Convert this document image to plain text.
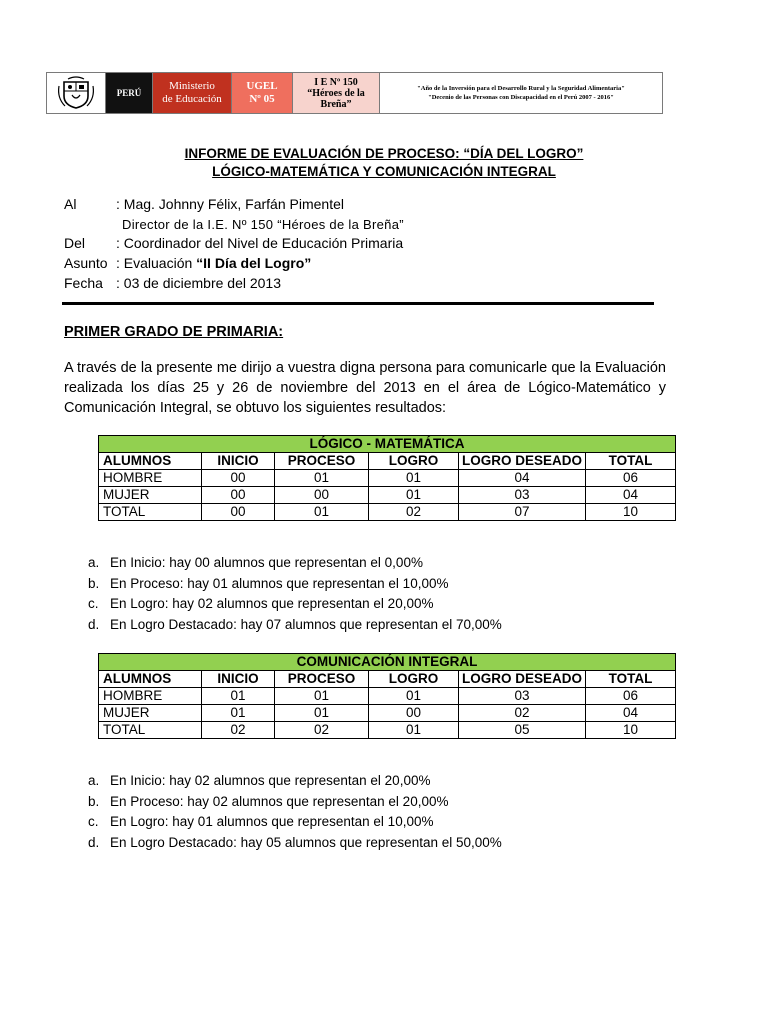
PERÚ
Ministerio
de Educación
UGEL
Nº 05
I E Nº 150
“Héroes de la
Breña”
"Año de la Inversión para el Desarrollo Rural y la Seguridad Alimentaria"
"Decenio de las Personas con Discapacidad en el Perú 2007 - 2016"
INFORME DE EVALUACIÓN DE PROCESO: “DÍA DEL LOGRO”
LÓGICO-MATEMÁTICA Y COMUNICACIÓN INTEGRAL
Al	: Mag. Johnny Félix, Farfán Pimentel
Director de la I.E. Nº 150 “Héroes de la Breña”
Del : Coordinador del Nivel de Educación Primaria
Asunto : Evaluación “II Día del Logro”
Fecha : 03 de diciembre del 2013
PRIMER GRADO DE PRIMARIA:
A través de la presente me dirijo a vuestra digna persona para comunicarle que la Evaluación realizada los días 25 y 26 de noviembre del 2013 en el área de Lógico-Matemático y Comunicación Integral, se obtuvo los siguientes resultados:
LÓGICO - MATEMÁTICA					
ALUMNOS	INICIO	PROCESO	LOGRO	LOGRO DESEADO	TOTAL
HOMBRE	00	01	01	04	06
MUJER	00	00	01	03	04
TOTAL	00	01	02	07	10
a. En Inicio: hay 00 alumnos que representan el 0,00%
b. En Proceso: hay 01 alumnos que representan el 10,00%
c. En Logro: hay 02 alumnos que representan el 20,00%
d. En Logro Destacado: hay 07 alumnos que representan el 70,00%
COMUNICACIÓN INTEGRAL					
ALUMNOS	INICIO	PROCESO	LOGRO	LOGRO DESEADO	TOTAL
HOMBRE	01	01	01	03	06
MUJER	01	01	00	02	04
TOTAL	02	02	01	05	10
a. En Inicio: hay 02 alumnos que representan el 20,00%
b. En Proceso: hay 02 alumnos que representan el 20,00%
c. En Logro: hay 01 alumnos que representan el 10,00%
d. En Logro Destacado: hay 05 alumnos que representan el 50,00%
